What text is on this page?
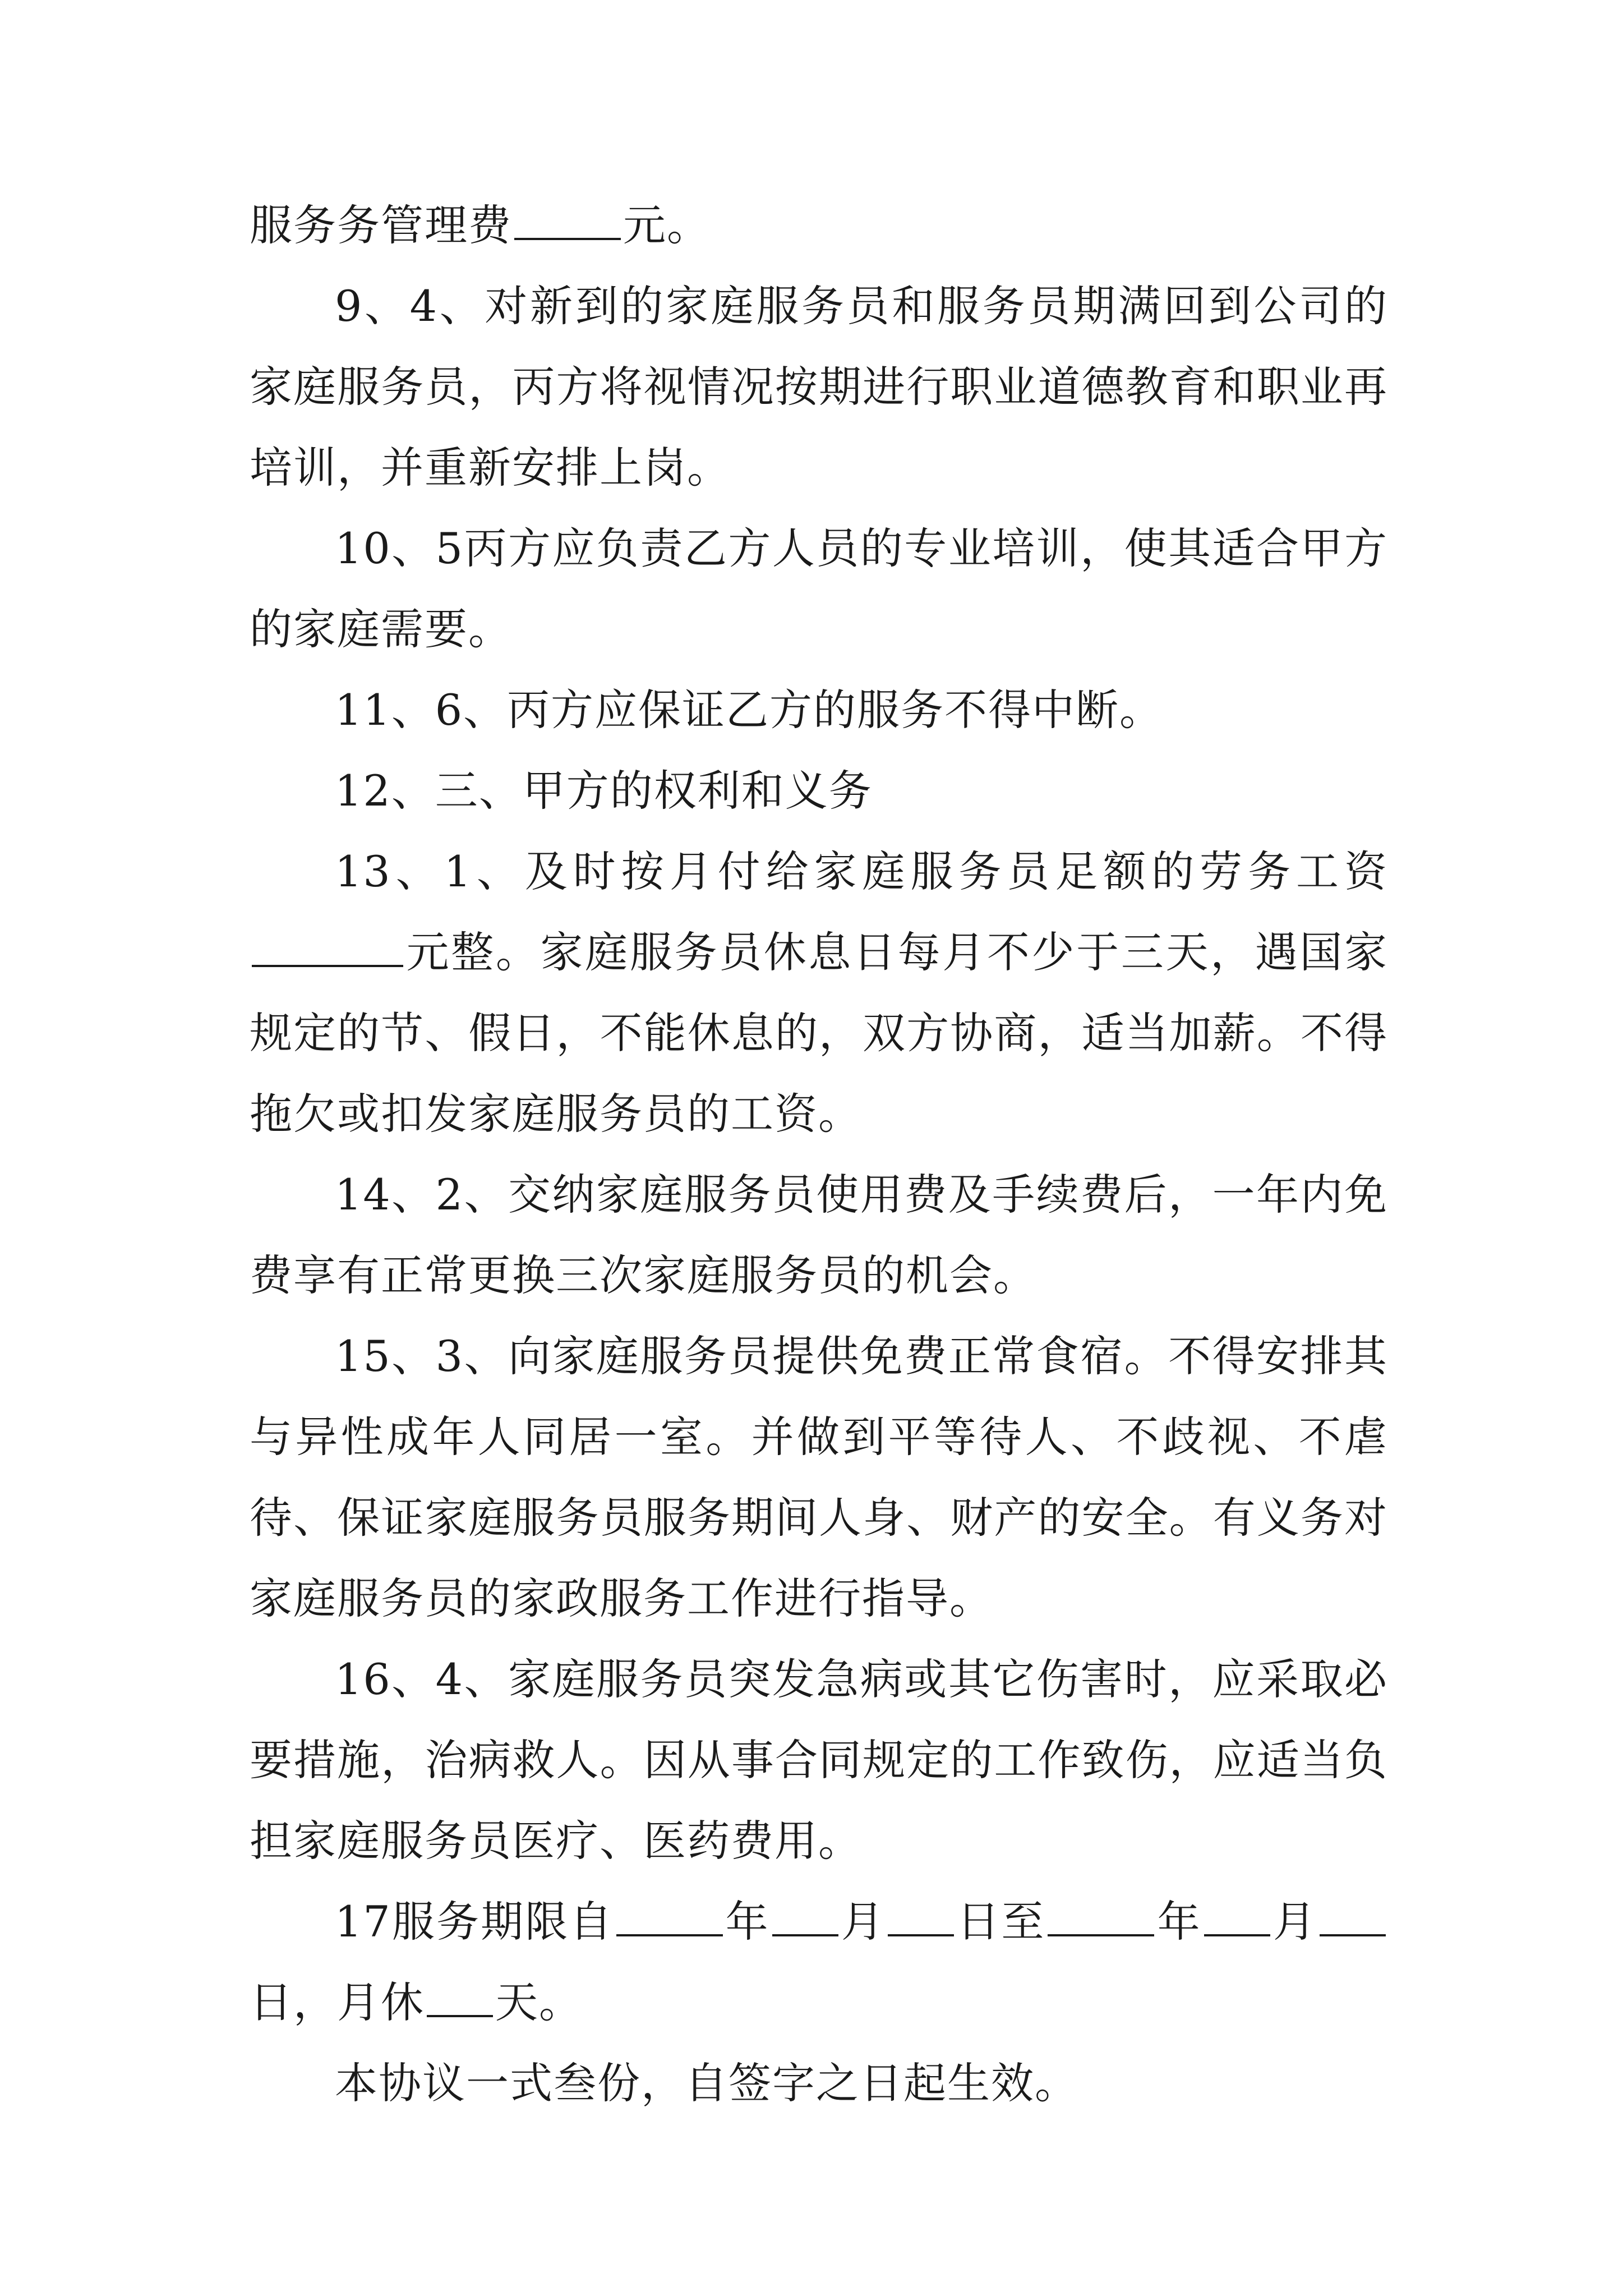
服务务管理费	元。

9、4、对新到的家庭服务员和服务员期满回到公司的家庭服务员，丙方将视情况按期进行职业道德教育和职业再培训，并重新安排上岗。

10、5丙方应负责乙方人员的专业培训，使其适合甲方的家庭需要。

11、6、丙方应保证乙方的服务不得中断。

12、三、甲方的权利和义务

13、1、及时按月付给家庭服务员足额的劳务工资元整。家庭服务员休息日每月不少于三天，遇国家规定的节、假日，不能休息的，双方协商，适当加薪。不得拖欠或扣发家庭服务员的工资。

14、2、交纳家庭服务员使用费及手续费后，一年内免费享有正常更换三次家庭服务员的机会。

15、3、向家庭服务员提供免费正常食宿。不得安排其与异性成年人同居一室。并做到平等待人、不歧视、不虐待、保证家庭服务员服务期间人身、财产的安全。有义务对家庭服务员的家政服务工作进行指导。

16、4、家庭服务员突发急病或其它伤害时，应采取必要措施，治病救人。因从事合同规定的工作致伤，应适当负担家庭服务员医疗、医药费用。

17服务期限自	年 月 日至	年 月日，月休 天。

本协议一式叁份，自签字之日起生效。
